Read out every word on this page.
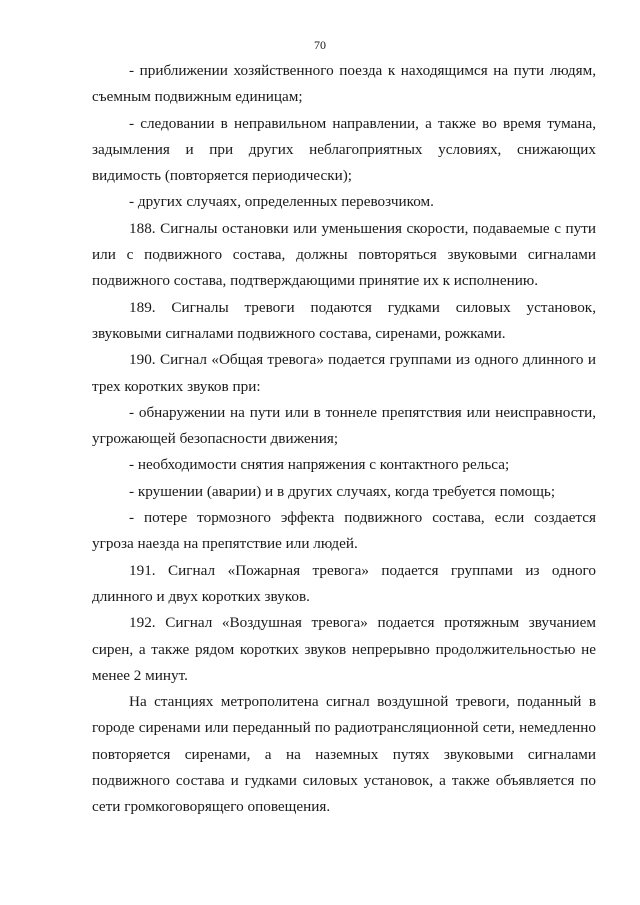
70

- приближении хозяйственного поезда к находящимся на пути людям, съемным подвижным единицам;

- следовании в неправильном направлении, а также во время тумана, задымления и при других неблагоприятных условиях, снижающих видимость (повторяется периодически);

- других случаях, определенных перевозчиком.

188. Сигналы остановки или уменьшения скорости, подаваемые с пути или с подвижного состава, должны повторяться звуковыми сигналами подвижного состава, подтверждающими принятие их к исполнению.

189. Сигналы тревоги подаются гудками силовых установок, звуковыми сигналами подвижного состава, сиренами, рожками.

190. Сигнал «Общая тревога» подается группами из одного длинного и трех коротких звуков при:

- обнаружении на пути или в тоннеле препятствия или неисправности, угрожающей безопасности движения;

- необходимости снятия напряжения с контактного рельса;

- крушении (аварии) и в других случаях, когда требуется помощь;

- потере тормозного эффекта подвижного состава, если создается угроза наезда на препятствие или людей.

191. Сигнал «Пожарная тревога» подается группами из одного длинного и двух коротких звуков.

192. Сигнал «Воздушная тревога» подается протяжным звучанием сирен, а также рядом коротких звуков непрерывно продолжительностью не менее 2 минут.

На станциях метрополитена сигнал воздушной тревоги, поданный в городе сиренами или переданный по радиотрансляционной сети, немедленно повторяется сиренами, а на наземных путях звуковыми сигналами подвижного состава и гудками силовых установок, а также объявляется по сети громкоговорящего оповещения.
